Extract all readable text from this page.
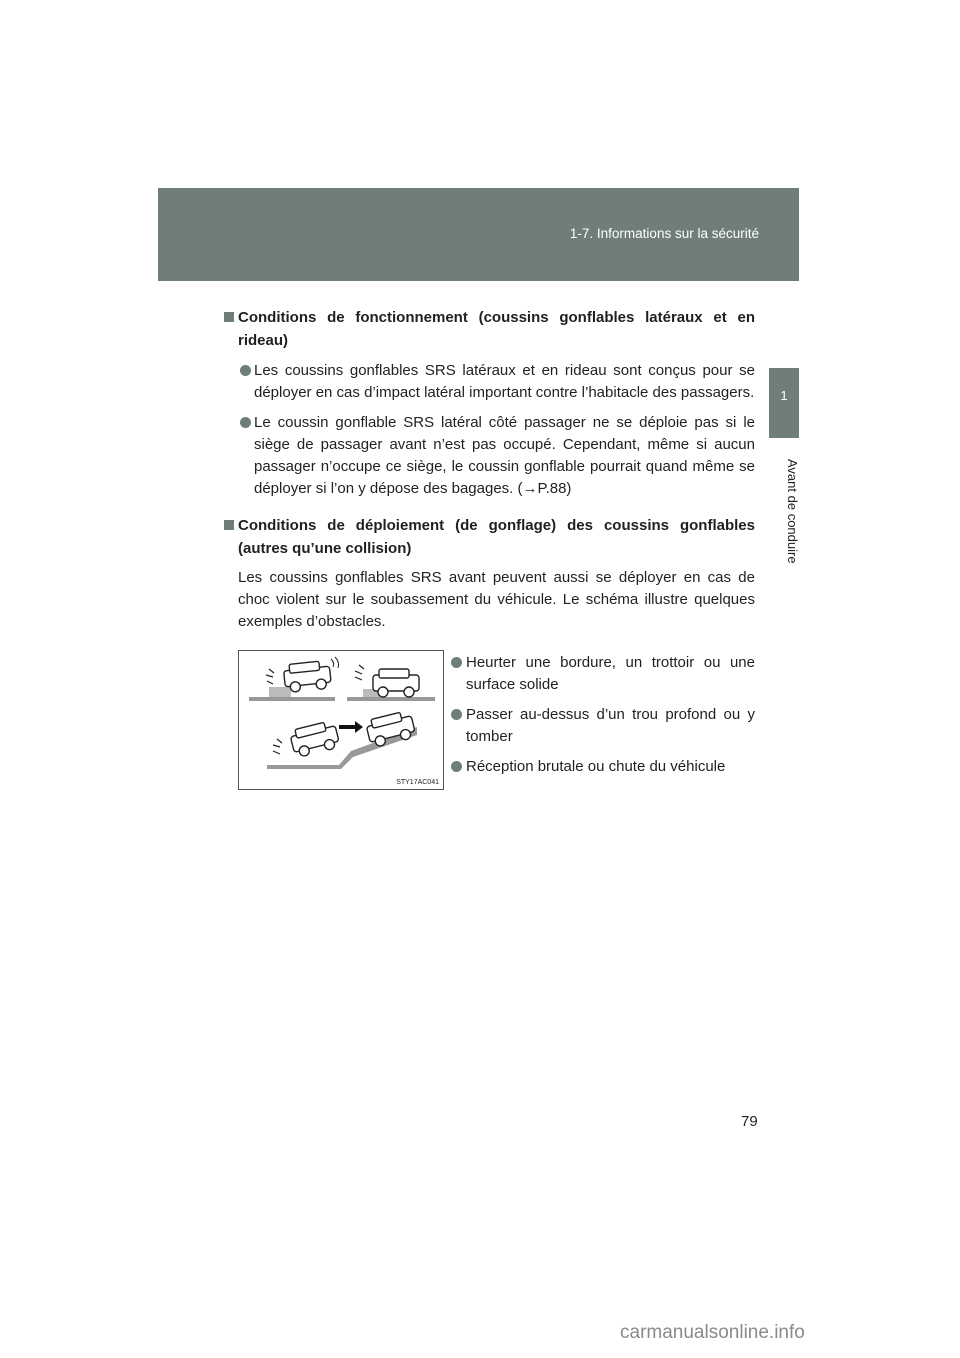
1-7. Informations sur la sécurité
1
Avant de conduire
Conditions de fonctionnement (coussins gonflables latéraux et en rideau)
Les coussins gonflables SRS latéraux et en rideau sont conçus pour se déployer en cas d’impact latéral important contre l’habitacle des passagers.
Le coussin gonflable SRS latéral côté passager ne se déploie pas si le siège de passager avant n’est pas occupé. Cependant, même si aucun passager n’occupe ce siège, le coussin gonflable pourrait quand même se déployer si l’on y dépose des bagages. (→P.88)
Conditions de déploiement (de gonflage) des coussins gonflables (autres qu’une collision)
Les coussins gonflables SRS avant peuvent aussi se déployer en cas de choc violent sur le soubassement du véhicule. Le schéma illustre quelques exemples d’obstacles.
STY17AC041
Heurter une bordure, un trottoir ou une surface solide
Passer au-dessus d’un trou profond ou y tomber
Réception brutale ou chute du véhicule
79
carmanualsonline.info
